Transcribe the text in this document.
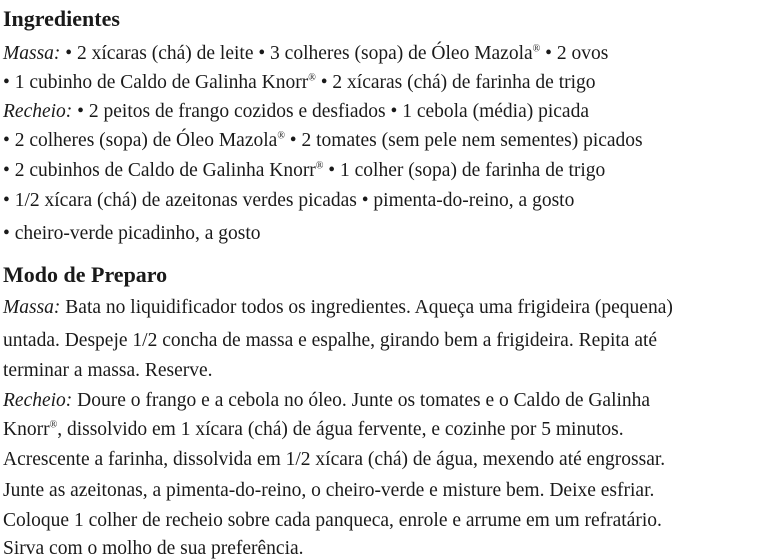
Ingredientes

Massa: • 2 xícaras (chá) de leite • 3 colheres (sopa) de Óleo Mazola® • 2 ovos

• 1 cubinho de Caldo de Galinha Knorr® • 2 xícaras (chá) de farinha de trigo

Recheio: • 2 peitos de frango cozidos e desfiados • 1 cebola (média) picada

• 2 colheres (sopa) de Óleo Mazola® • 2 tomates (sem pele nem sementes) picados

• 2 cubinhos de Caldo de Galinha Knorr® • 1 colher (sopa) de farinha de trigo

• 1/2 xícara (chá) de azeitonas verdes picadas • pimenta-do-reino, a gosto

• cheiro-verde picadinho, a gosto

Modo de Preparo

Massa: Bata no liquidificador todos os ingredientes. Aqueça uma frigideira (pequena)

untada. Despeje 1/2 concha de massa e espalhe, girando bem a frigideira. Repita até

terminar a massa. Reserve.

Recheio: Doure o frango e a cebola no óleo. Junte os tomates e o Caldo de Galinha

Knorr®, dissolvido em 1 xícara (chá) de água fervente, e cozinhe por 5 minutos.

Acrescente a farinha, dissolvida em 1/2 xícara (chá) de água, mexendo até engrossar.

Junte as azeitonas, a pimenta-do-reino, o cheiro-verde e misture bem. Deixe esfriar.

Coloque 1 colher de recheio sobre cada panqueca, enrole e arrume em um refratário.

Sirva com o molho de sua preferência.
